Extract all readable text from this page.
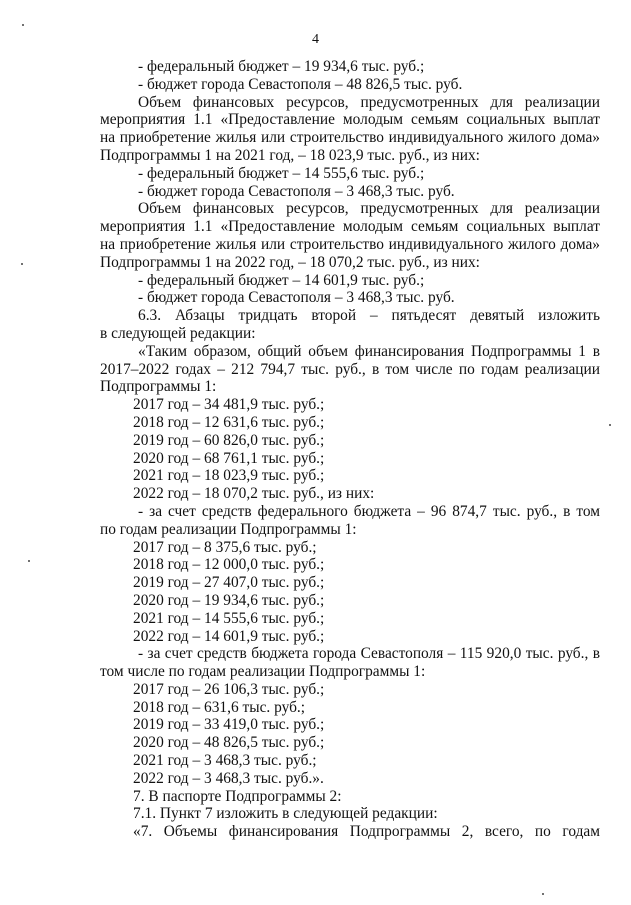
4
- федеральный бюджет – 19 934,6 тыс. руб.;
- бюджет города Севастополя – 48 826,5 тыс. руб.
Объем финансовых ресурсов, предусмотренных для реализации
мероприятия 1.1 «Предоставление молодым семьям социальных выплат
на приобретение жилья или строительство индивидуального жилого дома»
Подпрограммы 1 на 2021 год, – 18 023,9 тыс. руб., из них:
- федеральный бюджет – 14 555,6 тыс. руб.;
- бюджет города Севастополя – 3 468,3 тыс. руб.
Объем финансовых ресурсов, предусмотренных для реализации
мероприятия 1.1 «Предоставление молодым семьям социальных выплат
на приобретение жилья или строительство индивидуального жилого дома»
Подпрограммы 1 на 2022 год, – 18 070,2 тыс. руб., из них:
- федеральный бюджет – 14 601,9 тыс. руб.;
- бюджет города Севастополя – 3 468,3 тыс. руб.
6.3. Абзацы тридцать второй – пятьдесят девятый изложить
в следующей редакции:
«Таким образом, общий объем финансирования Подпрограммы 1 в
2017–2022 годах – 212 794,7 тыс. руб., в том числе по годам реализации
Подпрограммы 1:
2017 год – 34 481,9 тыс. руб.;
2018 год – 12 631,6 тыс. руб.;
2019 год – 60 826,0 тыс. руб.;
2020 год – 68 761,1 тыс. руб.;
2021 год – 18 023,9 тыс. руб.;
2022 год – 18 070,2 тыс. руб., из них:
- за счет средств федерального бюджета – 96 874,7 тыс. руб., в том
по годам реализации Подпрограммы 1:
2017 год – 8 375,6 тыс. руб.;
2018 год – 12 000,0 тыс. руб.;
2019 год – 27 407,0 тыс. руб.;
2020 год – 19 934,6 тыс. руб.;
2021 год – 14 555,6 тыс. руб.;
2022 год – 14 601,9 тыс. руб.;
- за счет средств бюджета города Севастополя – 115 920,0 тыс. руб., в
том числе по годам реализации Подпрограммы 1:
2017 год – 26 106,3 тыс. руб.;
2018 год – 631,6 тыс. руб.;
2019 год – 33 419,0 тыс. руб.;
2020 год – 48 826,5 тыс. руб.;
2021 год – 3 468,3 тыс. руб.;
2022 год – 3 468,3 тыс. руб.».
7. В паспорте Подпрограммы 2:
7.1. Пункт 7 изложить в следующей редакции:
«7. Объемы финансирования Подпрограммы 2, всего, по годам
